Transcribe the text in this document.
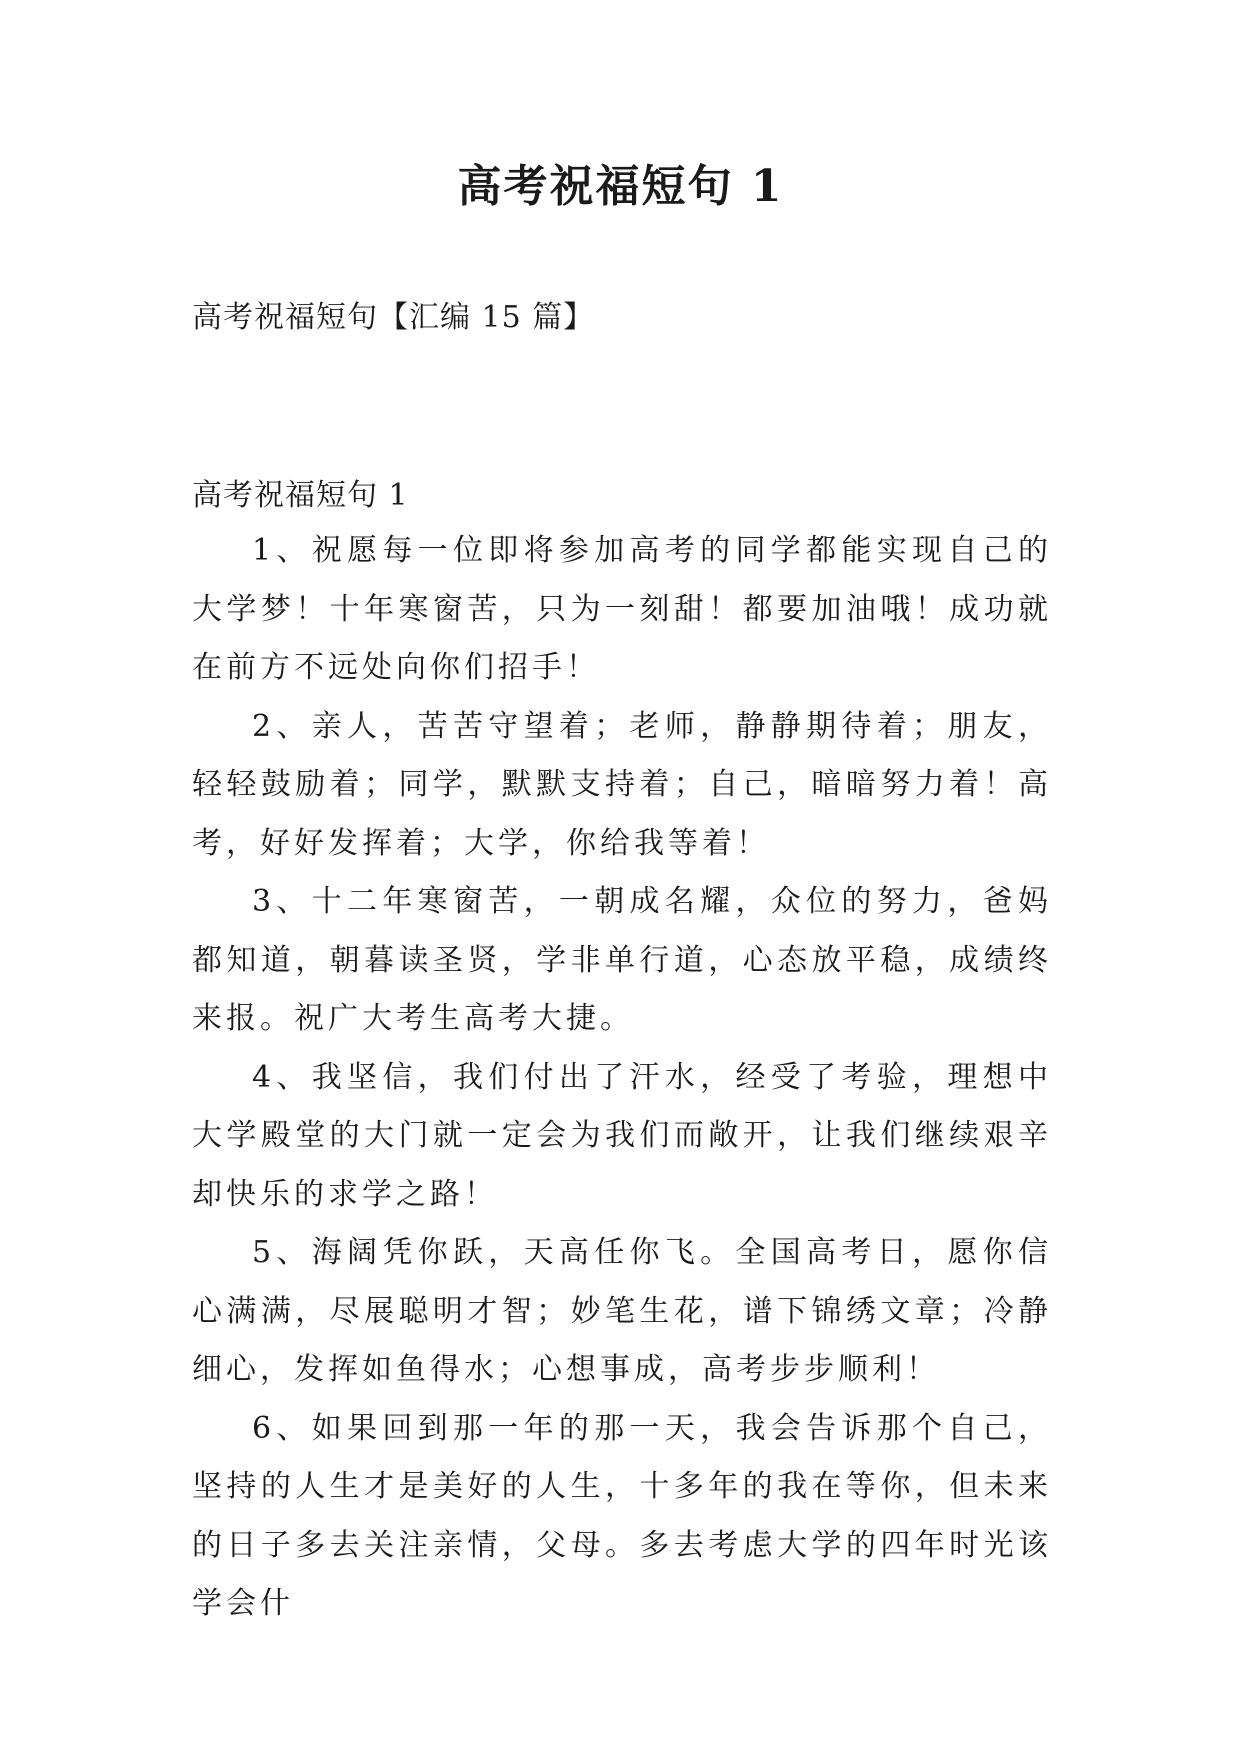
高考祝福短句 1

高考祝福短句【汇编 15 篇】

高考祝福短句 1

1、祝愿每一位即将参加高考的同学都能实现自己的大学梦！十年寒窗苦，只为一刻甜！都要加油哦！成功就在前方不远处向你们招手！

2、亲人，苦苦守望着；老师，静静期待着；朋友，轻轻鼓励着；同学，默默支持着；自己，暗暗努力着！高考，好好发挥着；大学，你给我等着！

3、十二年寒窗苦，一朝成名耀，众位的努力，爸妈都知道，朝暮读圣贤，学非单行道，心态放平稳，成绩终来报。祝广大考生高考大捷。

4、我坚信，我们付出了汗水，经受了考验，理想中大学殿堂的大门就一定会为我们而敞开，让我们继续艰辛却快乐的求学之路！

5、海阔凭你跃，天高任你飞。全国高考日，愿你信心满满，尽展聪明才智；妙笔生花，谱下锦绣文章；冷静细心，发挥如鱼得水；心想事成，高考步步顺利！

6、如果回到那一年的那一天，我会告诉那个自己，坚持的人生才是美好的人生，十多年的我在等你，但未来的日子多去关注亲情，父母。多去考虑大学的四年时光该学会什
